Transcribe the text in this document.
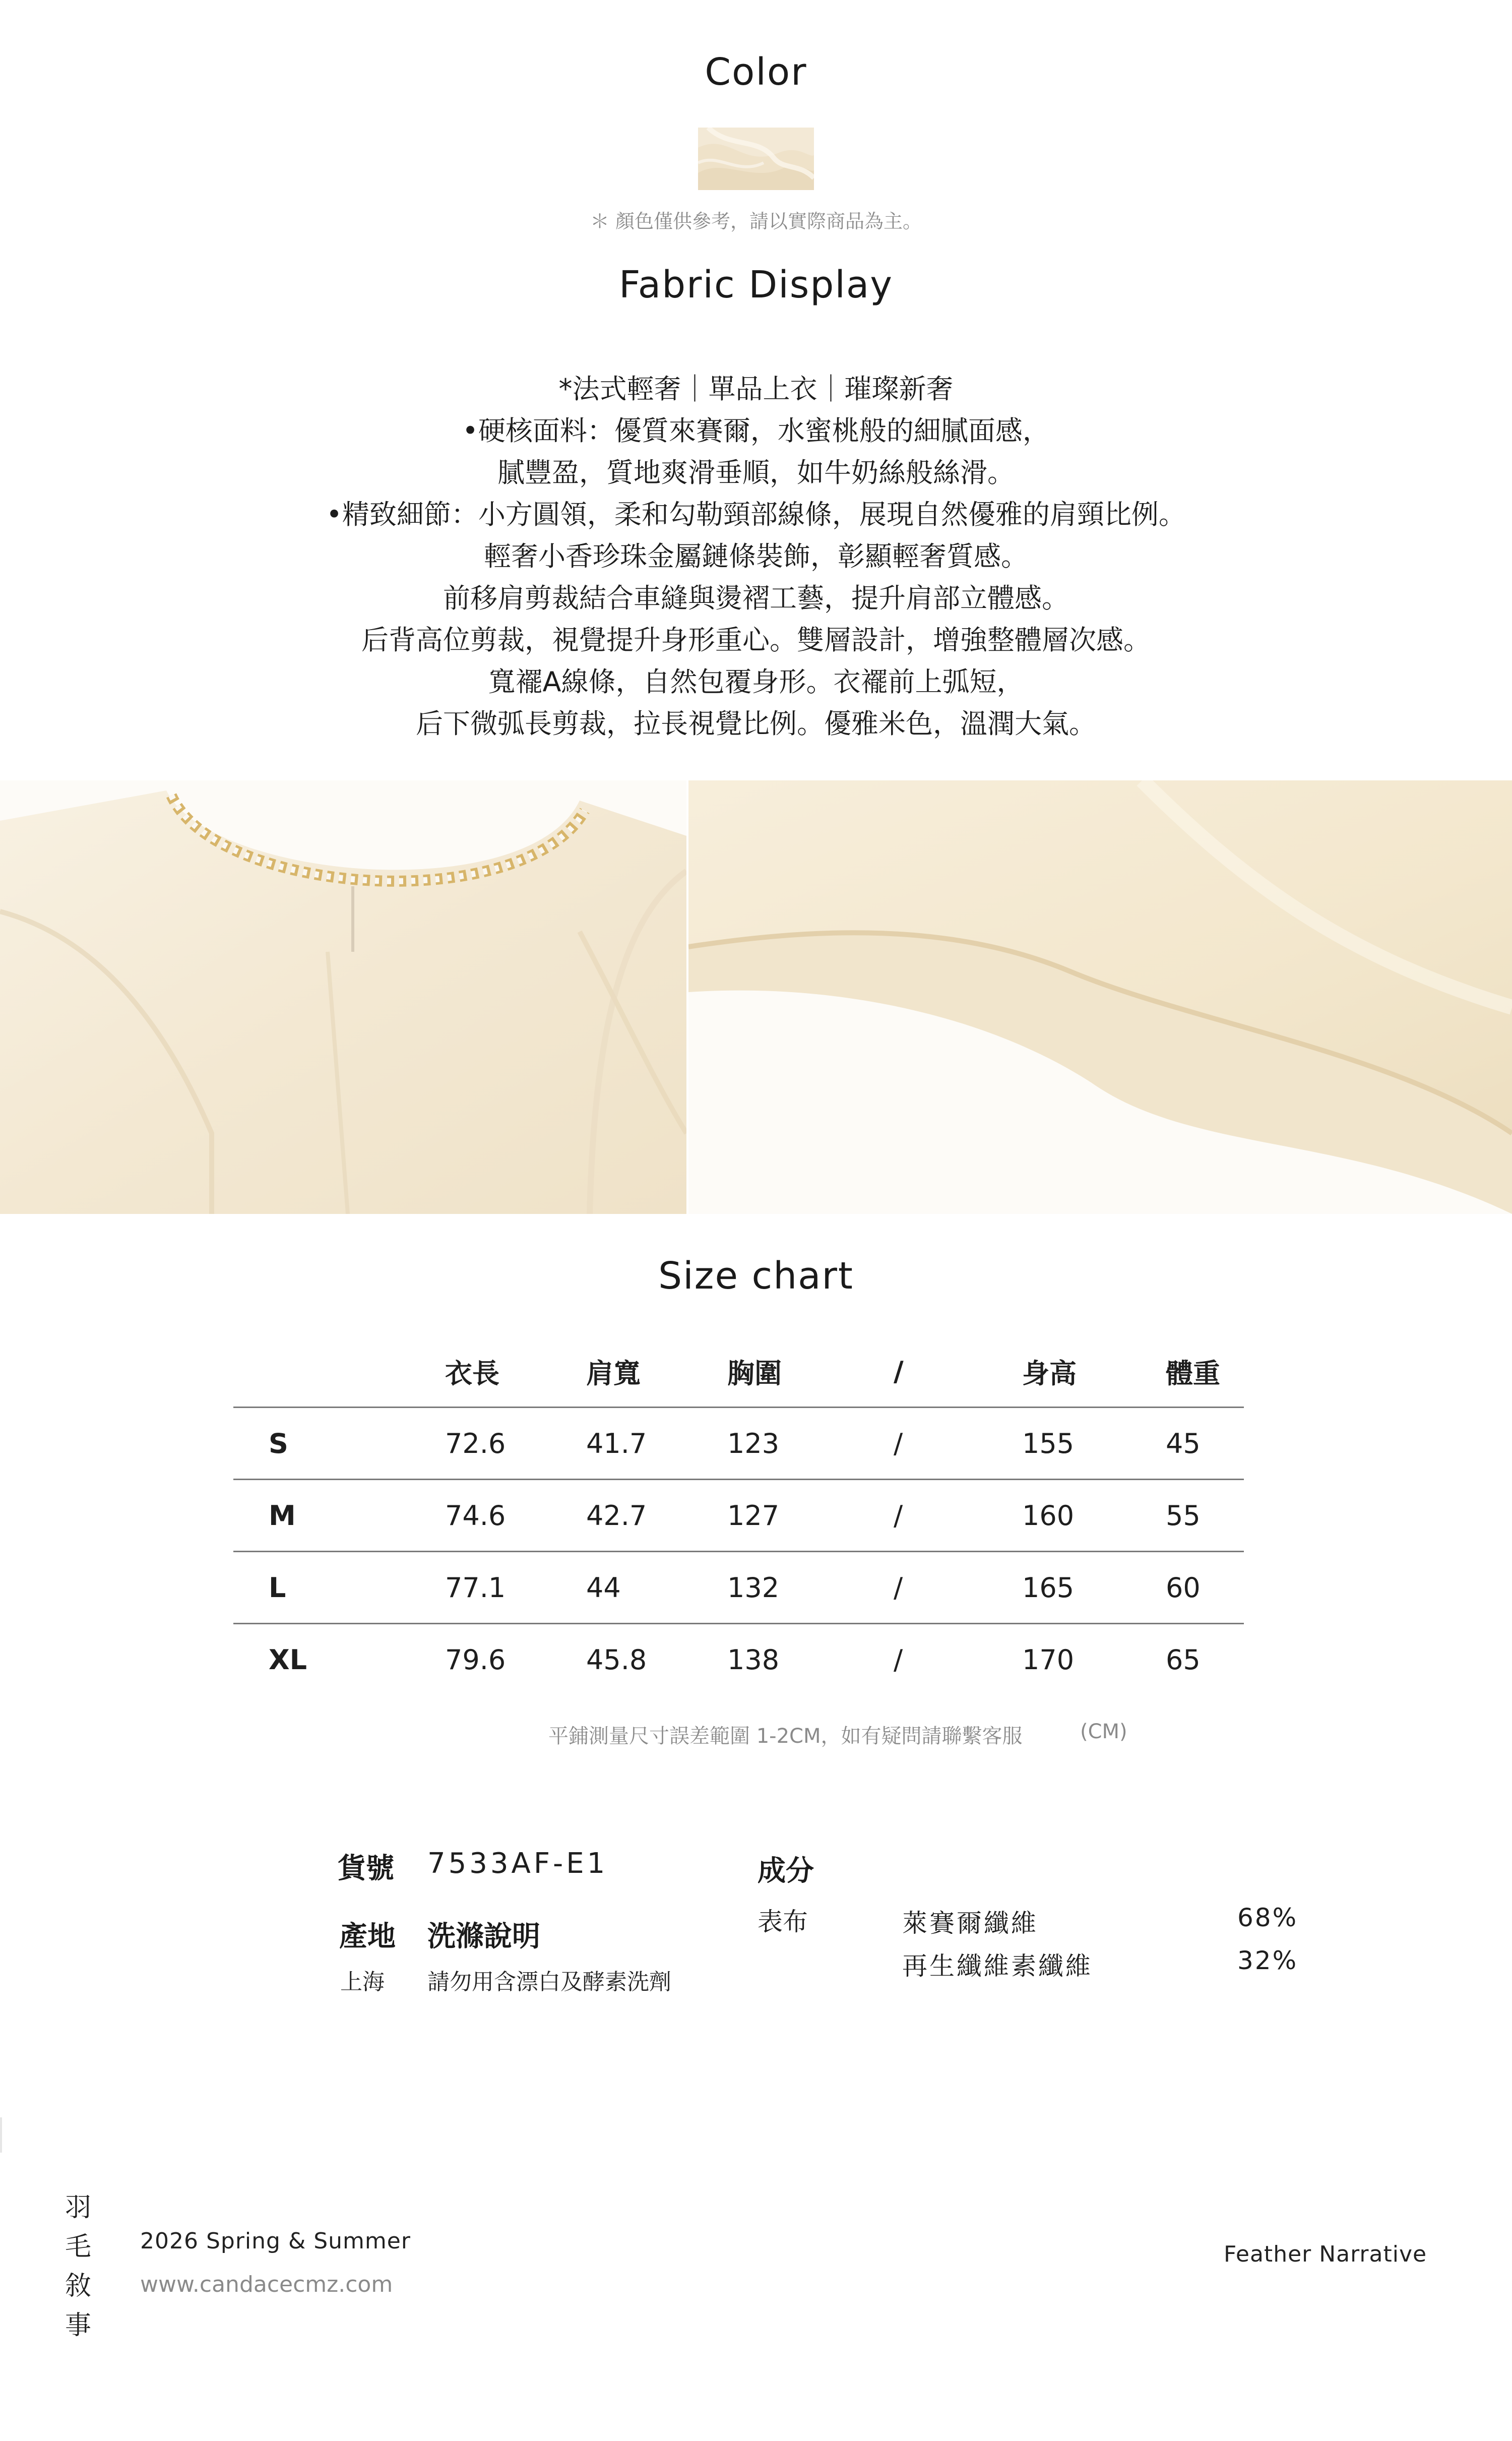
Color
＊ 顏色僅供參考，請以實際商品為主。
Fabric Display

*法式輕奢｜單品上衣｜璀璨新奢

•硬核面料：優質來賽爾，水蜜桃般的細膩面感，

膩豐盈，質地爽滑垂順，如牛奶絲般絲滑。

•精致細節：小方圓領，柔和勾勒頸部線條，展現自然優雅的肩頸比例。

輕奢小香珍珠金屬鏈條裝飾，彰顯輕奢質感。

前移肩剪裁結合車縫與燙褶工藝，提升肩部立體感。

后背高位剪裁，視覺提升身形重心。雙層設計，增強整體層次感。

寬襬A線條，自然包覆身形。衣襬前上弧短，

后下微弧長剪裁，拉長視覺比例。優雅米色，溫潤大氣。

Size chart
	衣長	肩寬	胸圍	/	身高	體重
S	72.6	41.7	123	/	155	45
M	74.6	42.7	127	/	160	55
L	77.1	44	132	/	165	60
XL	79.6	45.8	138	/	170	65
平鋪測量尺寸誤差範圍 1-2CM，如有疑問請聯繫客服	(CM)
貨號 7533AF-E1
產地 洗滌說明
上海 請勿用含漂白及酵素洗劑
成分
表布	萊賽爾纖維	68%
再生纖維素纖維	32%
羽
毛
敘
事
2026 Spring & Summer
www.candacecmz.com
Feather Narrative
